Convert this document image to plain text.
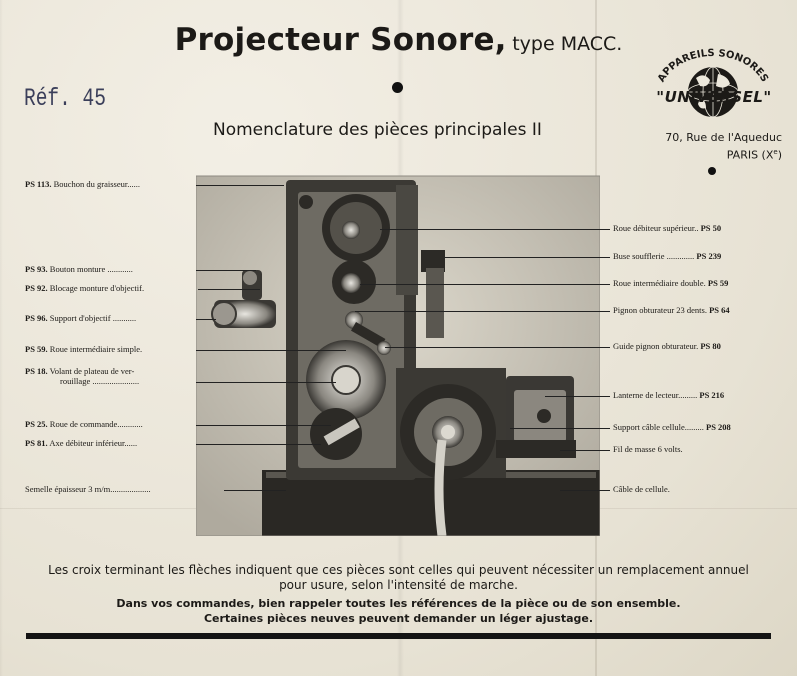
Projecteur Sonore, type MACC.
Réf. 45
Nomenclature des pièces principales II
APPAREILS SONORES
"UNIVERSEL"
70, Rue de l'Aqueduc
PARIS (Xe)
PS 113. Bouchon du graisseur......
PS 93. Bouton monture ............
PS 92. Blocage monture d'objectif.
PS 96. Support d'objectif ...........
PS 59. Roue intermédiaire simple.
PS 18. Volant de plateau de ver-
rouillage ......................
PS 25. Roue de commande............
PS 81. Axe débiteur inférieur......
Semelle épaisseur 3 m/m...................
Roue débiteur supérieur.. PS 50
Buse soufflerie ............. PS 239
Roue intermédiaire double. PS 59
Pignon obturateur 23 dents. PS 64
Guide pignon obturateur. PS 80
Lanterne de lecteur......... PS 216
Support câble cellule......... PS 208
Fil de masse 6 volts.
Câble de cellule.
Les croix terminant les flèches indiquent que ces pièces sont celles qui peuvent nécessiter un remplacement annuel
pour usure, selon l'intensité de marche.
Dans vos commandes, bien rappeler toutes les références de la pièce ou de son ensemble.
Certaines pièces neuves peuvent demander un léger ajustage.
